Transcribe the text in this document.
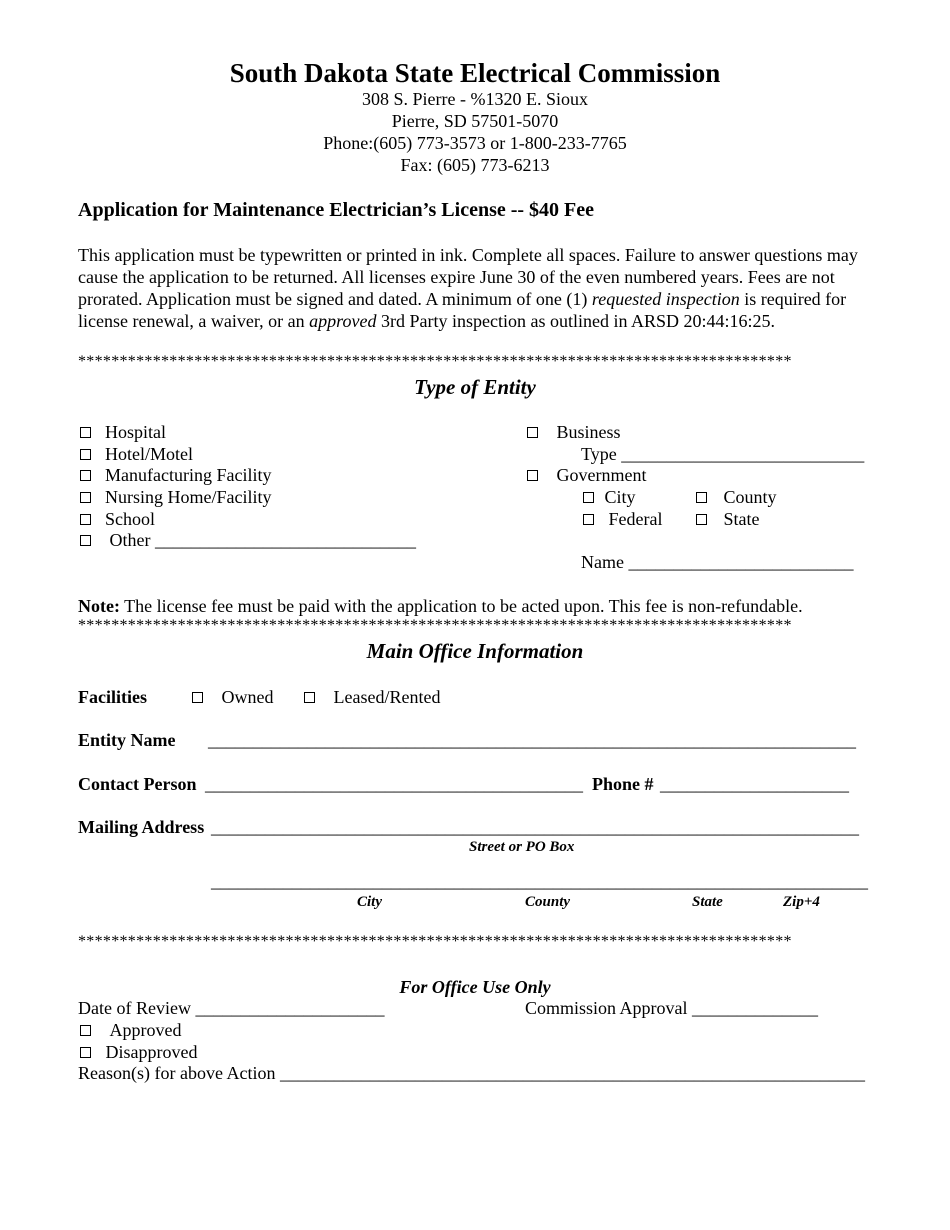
South Dakota State Electrical Commission
308 S. Pierre - %1320 E. Sioux
Pierre, SD 57501-5070
Phone:(605) 773-3573 or 1-800-233-7765
Fax: (605) 773-6213
Application for Maintenance Electrician’s License -- $40 Fee
This application must be typewritten or printed in ink. Complete all spaces. Failure to answer questions may cause the application to be returned. All licenses expire June 30 of the even numbered years. Fees are not prorated. Application must be signed and dated. A minimum of one (1) requested inspection is required for license renewal, a waiver, or an approved 3rd Party inspection as outlined in ARSD 20:44:16:25.
**************************************************************************************
Type of Entity
Hospital
Hotel/Motel
Manufacturing Facility
Nursing Home/Facility
School
Other _____________________________
Business
Type ___________________________
Government
City	County
Federal	State
Name _________________________
Note: The license fee must be paid with the application to be acted upon. This fee is non-refundable.
**************************************************************************************
Main Office Information
Facilities	Owned	Leased/Rented
Entity Name ________________________________________________________________________
Contact Person __________________________________________ Phone # _____________________
Mailing Address ________________________________________________________________________
Street or PO Box
_________________________________________________________________________
City	County	State	Zip+4
**************************************************************************************
For Office Use Only
Date of Review _____________________	Commission Approval ______________
Approved
Disapproved
Reason(s) for above Action _________________________________________________________________
